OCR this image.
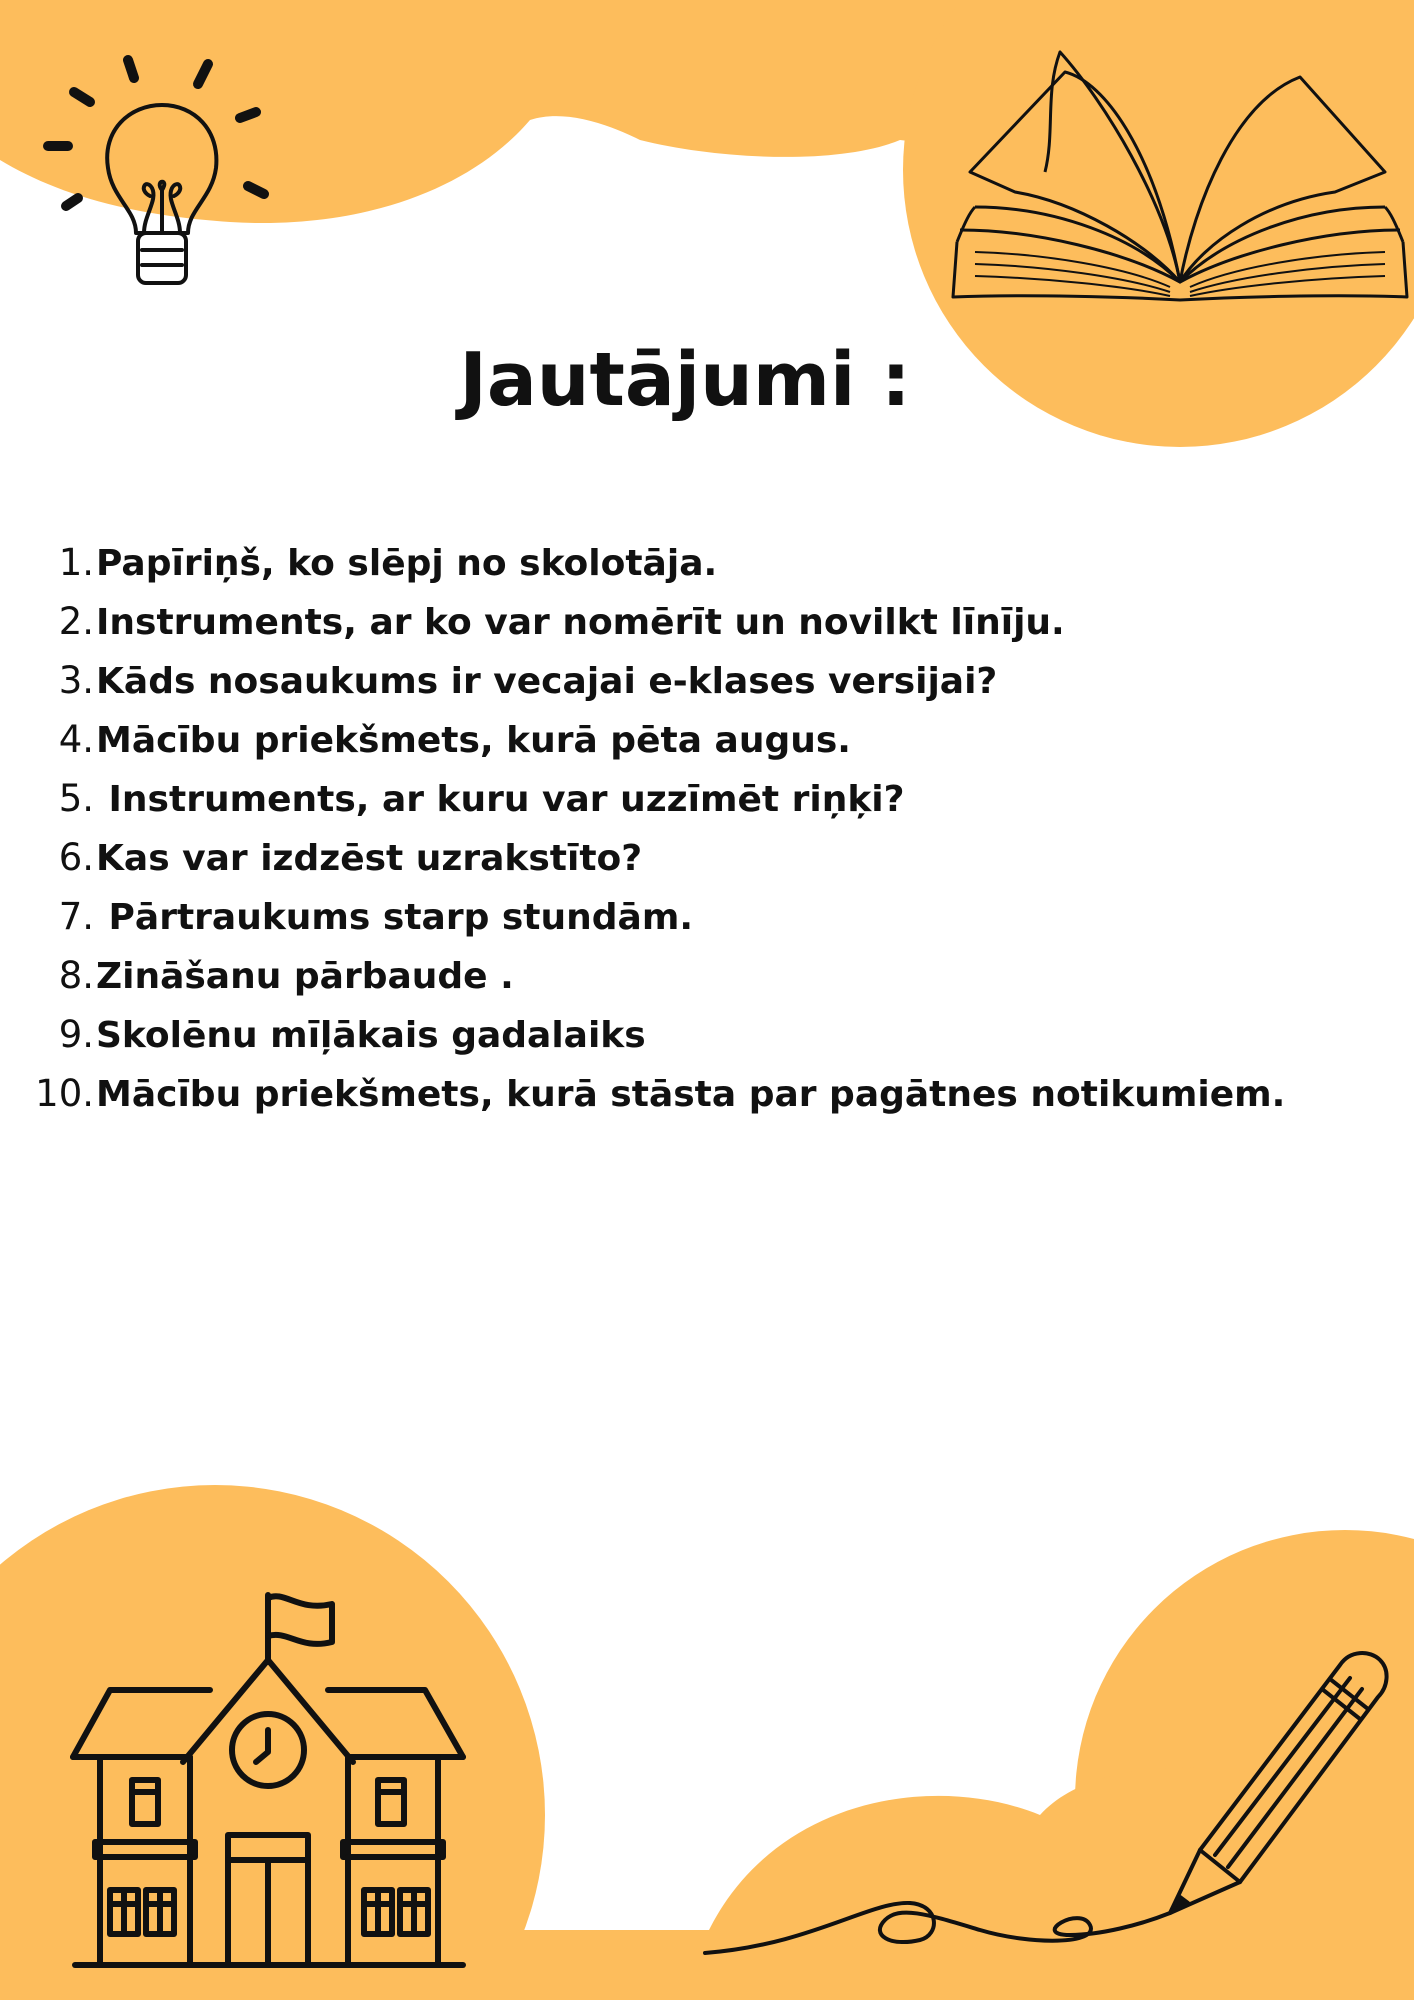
Jautājumi :
1.Papīriņš, ko slēpj no skolotāja.
2.Instruments, ar ko var nomērīt un novilkt līnīju.
3.Kāds nosaukums ir vecajai e-klases versijai?
4.Mācību priekšmets, kurā pēta augus.
5. Instruments, ar kuru var uzzīmēt riņķi?
6.Kas var izdzēst uzrakstīto?
7. Pārtraukums starp stundām.
8.Zināšanu pārbaude .
9.Skolēnu mīļākais gadalaiks
10.Mācību priekšmets, kurā stāsta par pagātnes notikumiem.
